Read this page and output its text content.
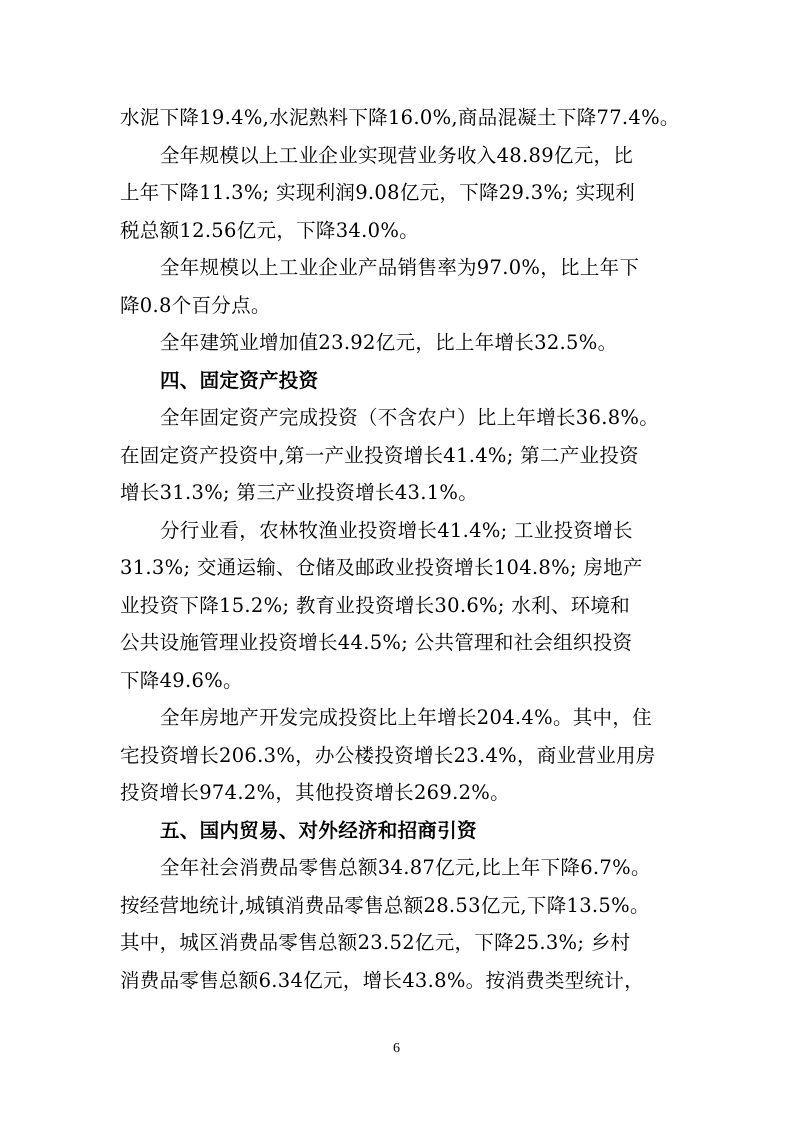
水泥下降19.4%,水泥熟料下降16.0%,商品混凝土下降77.4%。
全年规模以上工业企业实现营业务收入48.89亿元，比
上年下降11.3%; 实现利润9.08亿元，下降29.3%; 实现利
税总额12.56亿元，下降34.0%。
全年规模以上工业企业产品销售率为97.0%，比上年下
降0.8个百分点。
全年建筑业增加值23.92亿元，比上年增长32.5%。
四、固定资产投资
全年固定资产完成投资（不含农户）比上年增长36.8%。
在固定资产投资中,第一产业投资增长41.4%; 第二产业投资
增长31.3%; 第三产业投资增长43.1%。
分行业看，农林牧渔业投资增长41.4%; 工业投资增长
31.3%; 交通运输、仓储及邮政业投资增长104.8%; 房地产
业投资下降15.2%; 教育业投资增长30.6%; 水利、环境和
公共设施管理业投资增长44.5%; 公共管理和社会组织投资
下降49.6%。
全年房地产开发完成投资比上年增长204.4%。其中，住
宅投资增长206.3%，办公楼投资增长23.4%，商业营业用房
投资增长974.2%，其他投资增长269.2%。
五、国内贸易、对外经济和招商引资
全年社会消费品零售总额34.87亿元,比上年下降6.7%。
按经营地统计,城镇消费品零售总额28.53亿元,下降13.5%。
其中，城区消费品零售总额23.52亿元，下降25.3%; 乡村
消费品零售总额6.34亿元，增长43.8%。按消费类型统计，
6
